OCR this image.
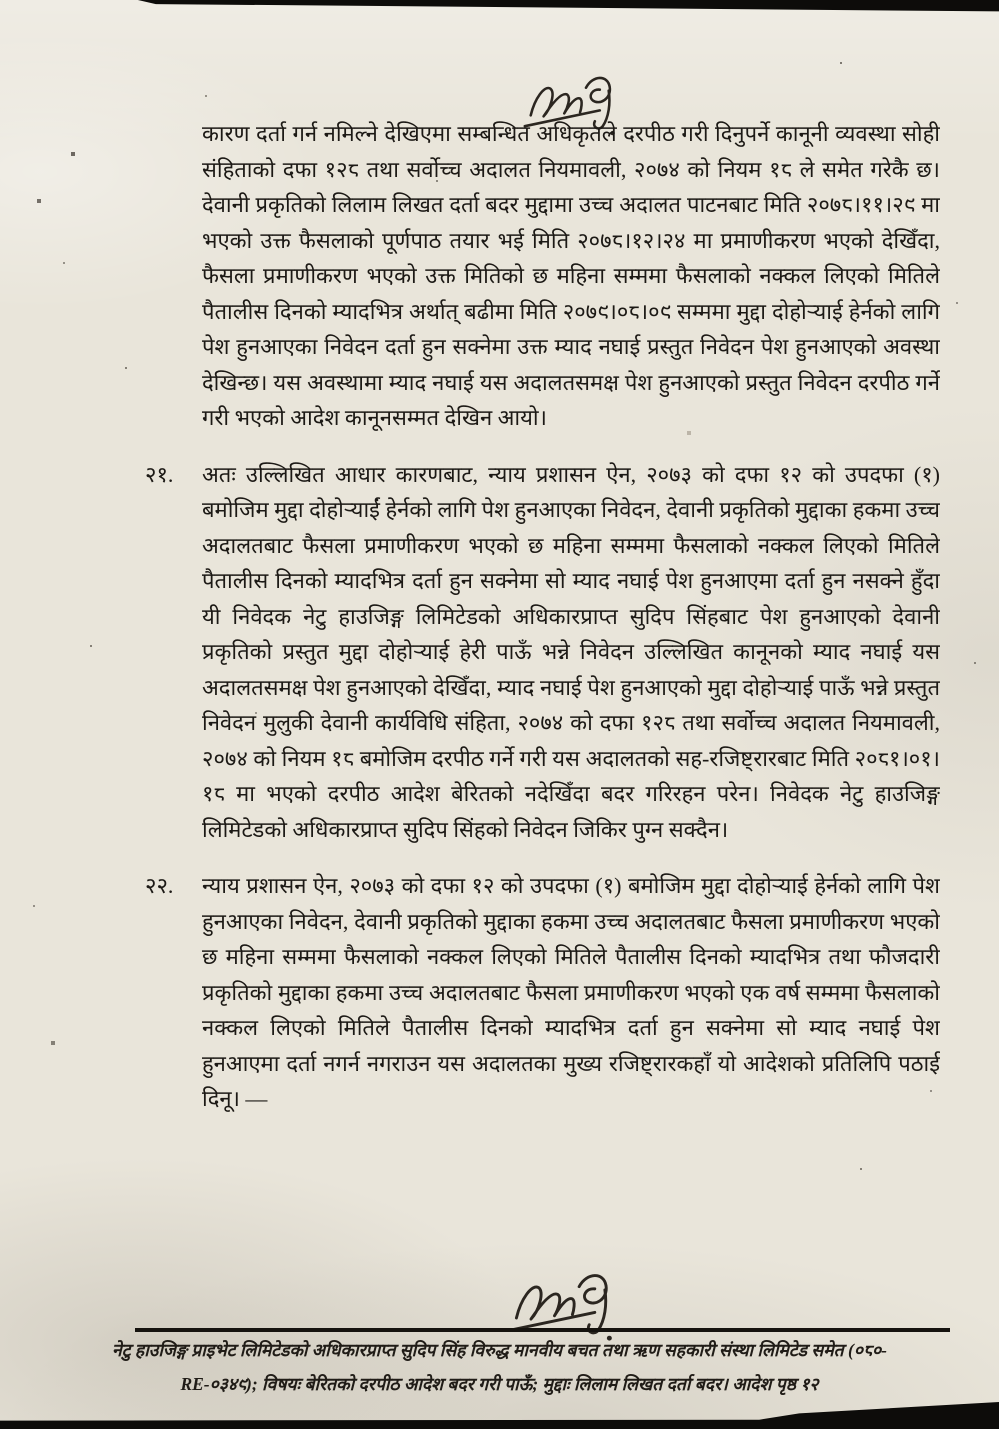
कारण दर्ता गर्न नमिल्ने देखिएमा सम्बन्धित अधिकृतले दरपीठ गरी दिनुपर्ने कानूनी व्यवस्था सोही संहिताको दफा १२८ तथा सर्वोच्च अदालत नियमावली, २०७४ को नियम १८ ले समेत गरेकै छ। देवानी प्रकृतिको लिलाम लिखत दर्ता बदर मुद्दामा उच्च अदालत पाटनबाट मिति २०७८।११।२९ मा भएको उक्त फैसलाको पूर्णपाठ तयार भई मिति २०७८।१२।२४ मा प्रमाणीकरण भएको देखिँदा, फैसला प्रमाणीकरण भएको उक्त मितिको छ महिना सम्ममा फैसलाको नक्कल लिएको मितिले पैतालीस दिनको म्यादभित्र अर्थात् बढीमा मिति २०७९।०८।०९ सम्ममा मुद्दा दोहोऱ्याई हेर्नको लागि पेश हुनआएका निवेदन दर्ता हुन सक्नेमा उक्त म्याद नघाई प्रस्तुत निवेदन पेश हुनआएको अवस्था देखिन्छ। यस अवस्थामा म्याद नघाई यस अदालतसमक्ष पेश हुनआएको प्रस्तुत निवेदन दरपीठ गर्ने गरी भएको आदेश कानूनसम्मत देखिन आयो।

२१.	अतः उल्लिखित आधार कारणबाट, न्याय प्रशासन ऐन, २०७३ को दफा १२ को उपदफा (१) बमोजिम मुद्दा दोहोऱ्याईं हेर्नको लागि पेश हुनआएका निवेदन, देवानी प्रकृतिको मुद्दाका हकमा उच्च अदालतबाट फैसला प्रमाणीकरण भएको छ महिना सम्ममा फैसलाको नक्कल लिएको मितिले पैतालीस दिनको म्यादभित्र दर्ता हुन सक्नेमा सो म्याद नघाई पेश हुनआएमा दर्ता हुन नसक्ने हुँदा यी निवेदक नेटु हाउजिङ्ग लिमिटेडको अधिकारप्राप्त सुदिप सिंहबाट पेश हुनआएको देवानी प्रकृतिको प्रस्तुत मुद्दा दोहोऱ्याई हेरी पाऊँ भन्ने निवेदन उल्लिखित कानूनको म्याद नघाई यस अदालतसमक्ष पेश हुनआएको देखिँदा, म्याद नघाई पेश हुनआएको मुद्दा दोहोऱ्याई पाऊँ भन्ने प्रस्तुत निवेदन मुलुकी देवानी कार्यविधि संहिता, २०७४ को दफा १२८ तथा सर्वोच्च अदालत नियमावली, २०७४ को नियम १८ बमोजिम दरपीठ गर्ने गरी यस अदालतको सह-रजिष्ट्रारबाट मिति २०८१।०१।१८ मा भएको दरपीठ आदेश बेरितको नदेखिँदा बदर गरिरहन परेन। निवेदक नेटु हाउजिङ्ग लिमिटेडको अधिकारप्राप्त सुदिप सिंहको निवेदन जिकिर पुग्न सक्दैन।

२२.	न्याय प्रशासन ऐन, २०७३ को दफा १२ को उपदफा (१) बमोजिम मुद्दा दोहोऱ्याई हेर्नको लागि पेश हुनआएका निवेदन, देवानी प्रकृतिको मुद्दाका हकमा उच्च अदालतबाट फैसला प्रमाणीकरण भएको छ महिना सम्ममा फैसलाको नक्कल लिएको मितिले पैतालीस दिनको म्यादभित्र तथा फौजदारी प्रकृतिको मुद्दाका हकमा उच्च अदालतबाट फैसला प्रमाणीकरण भएको एक वर्ष सम्ममा फैसलाको नक्कल लिएको मितिले पैतालीस दिनको म्यादभित्र दर्ता हुन सक्नेमा सो म्याद नघाई पेश हुनआएमा दर्ता नगर्न नगराउन यस अदालतका मुख्य रजिष्ट्रारकहाँ यो आदेशको प्रतिलिपि पठाई दिनू। —

नेटु हाउजिङ्ग प्राइभेट लिमिटेडको अधिकारप्राप्त सुदिप सिंह विरुद्ध मानवीय बचत तथा ऋण सहकारी संस्था लिमिटेड समेत (०८०-
RE-०३४९); विषयः बेरितको दरपीठ आदेश बदर गरी पाऊँ; मुद्दाः लिलाम लिखत दर्ता बदर। आदेश पृष्ठ १२
